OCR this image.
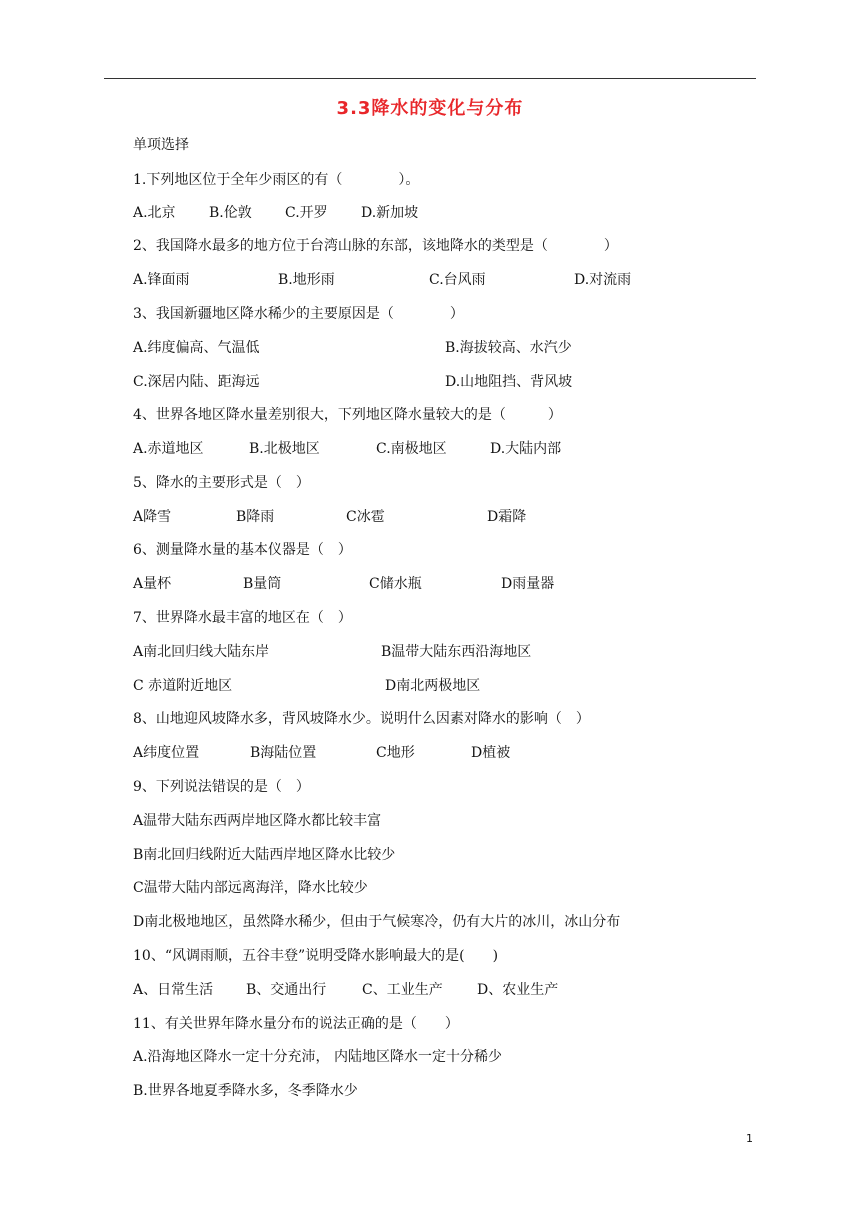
3.3降水的变化与分布
单项选择
1.下列地区位于全年少雨区的有（　　　　）。
A.北京 B.伦敦 C.开罗 D.新加坡
2、我国降水最多的地方位于台湾山脉的东部，该地降水的类型是（　　　　）
A.锋面雨	B.地形雨	C.台风雨	D.对流雨
3、我国新疆地区降水稀少的主要原因是（　　　　）
A.纬度偏高、气温低	B.海拔较高、水汽少
C.深居内陆、距海远	D.山地阻挡、背风坡
4、世界各地区降水量差别很大，下列地区降水量较大的是（　　　）
A.赤道地区	B.北极地区	C.南极地区	D.大陆内部
5、降水的主要形式是（　）
A降雪	B降雨	C冰雹	D霜降
6、测量降水量的基本仪器是（　）
A量杯	B量筒	C储水瓶	D雨量器
7、世界降水最丰富的地区在（　）
A南北回归线大陆东岸	B温带大陆东西沿海地区
C 赤道附近地区	D南北两极地区
8、山地迎风坡降水多，背风坡降水少。说明什么因素对降水的影响（　）
A纬度位置	B海陆位置	C地形	D植被
9、下列说法错误的是（　）
A温带大陆东西两岸地区降水都比较丰富
B南北回归线附近大陆西岸地区降水比较少
C温带大陆内部远离海洋，降水比较少
D南北极地地区，虽然降水稀少，但由于气候寒冷，仍有大片的冰川，冰山分布
10、“风调雨顺，五谷丰登”说明受降水影响最大的是(　　)
A、日常生活 B、交通出行	C、工业生产 D、农业生产
11、有关世界年降水量分布的说法正确的是（　　）
A.沿海地区降水一定十分充沛， 内陆地区降水一定十分稀少
B.世界各地夏季降水多，冬季降水少
1
